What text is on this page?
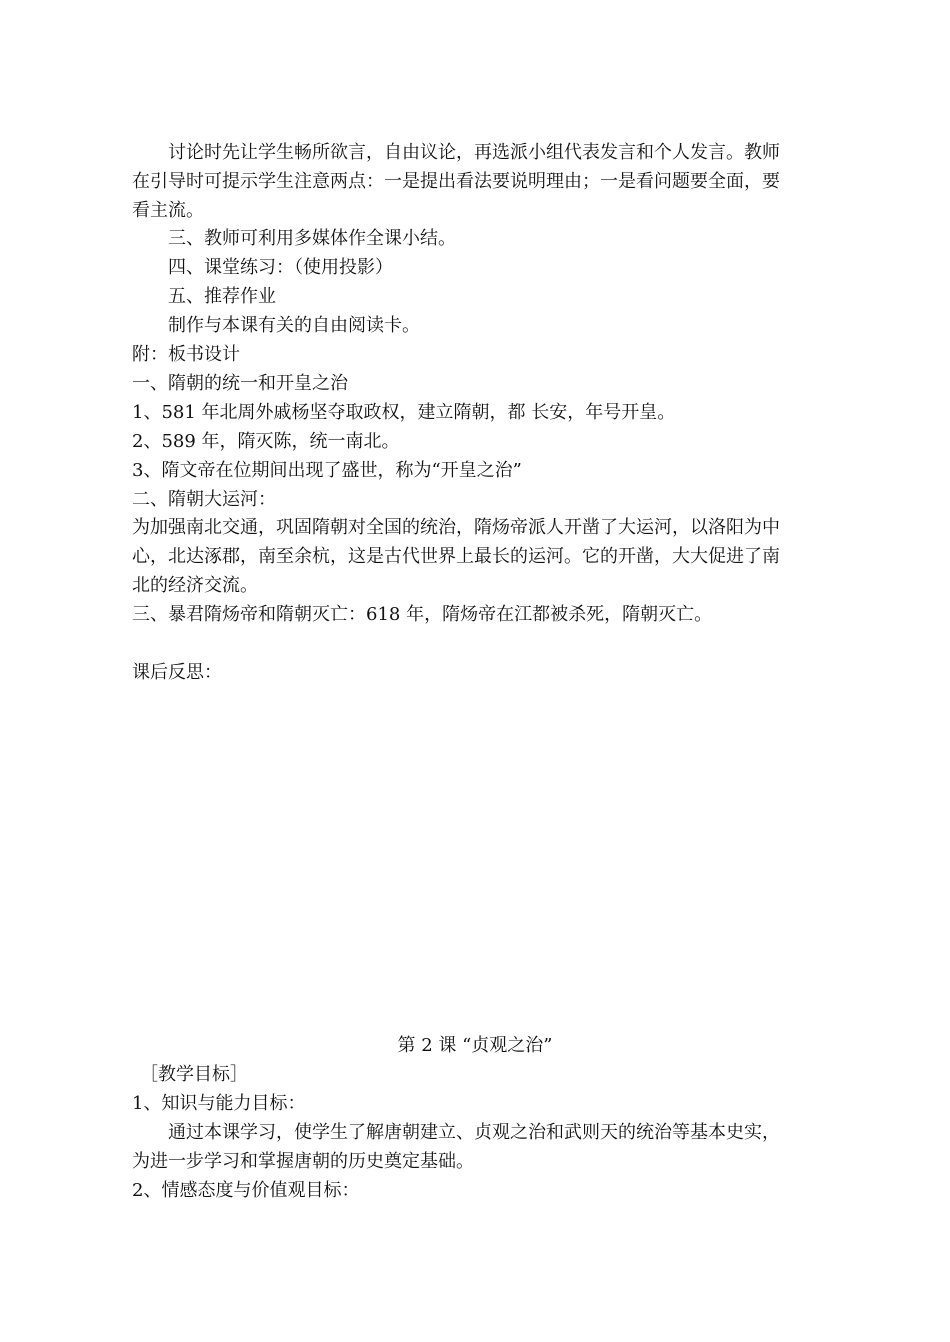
讨论时先让学生畅所欲言，自由议论，再选派小组代表发言和个人发言。教师
在引导时可提示学生注意两点：一是提出看法要说明理由；一是看问题要全面，要
看主流。
三、教师可利用多媒体作全课小结。
四、课堂练习：（使用投影）
五、推荐作业
制作与本课有关的自由阅读卡。
附：板书设计
一、隋朝的统一和开皇之治
1、581 年北周外戚杨坚夺取政权，建立隋朝，都 长安，年号开皇。
2、589 年，隋灭陈，统一南北。
3、隋文帝在位期间出现了盛世，称为“开皇之治”
二、隋朝大运河：
为加强南北交通，巩固隋朝对全国的统治，隋炀帝派人开凿了大运河，以洛阳为中
心，北达涿郡，南至余杭，这是古代世界上最长的运河。它的开凿，大大促进了南
北的经济交流。
三、暴君隋炀帝和隋朝灭亡：618 年，隋炀帝在江都被杀死，隋朝灭亡。
课后反思：
第 2 课 “贞观之治”
［教学目标］
1、知识与能力目标：
通过本课学习，使学生了解唐朝建立、贞观之治和武则天的统治等基本史实，
为进一步学习和掌握唐朝的历史奠定基础。
2、情感态度与价值观目标：
